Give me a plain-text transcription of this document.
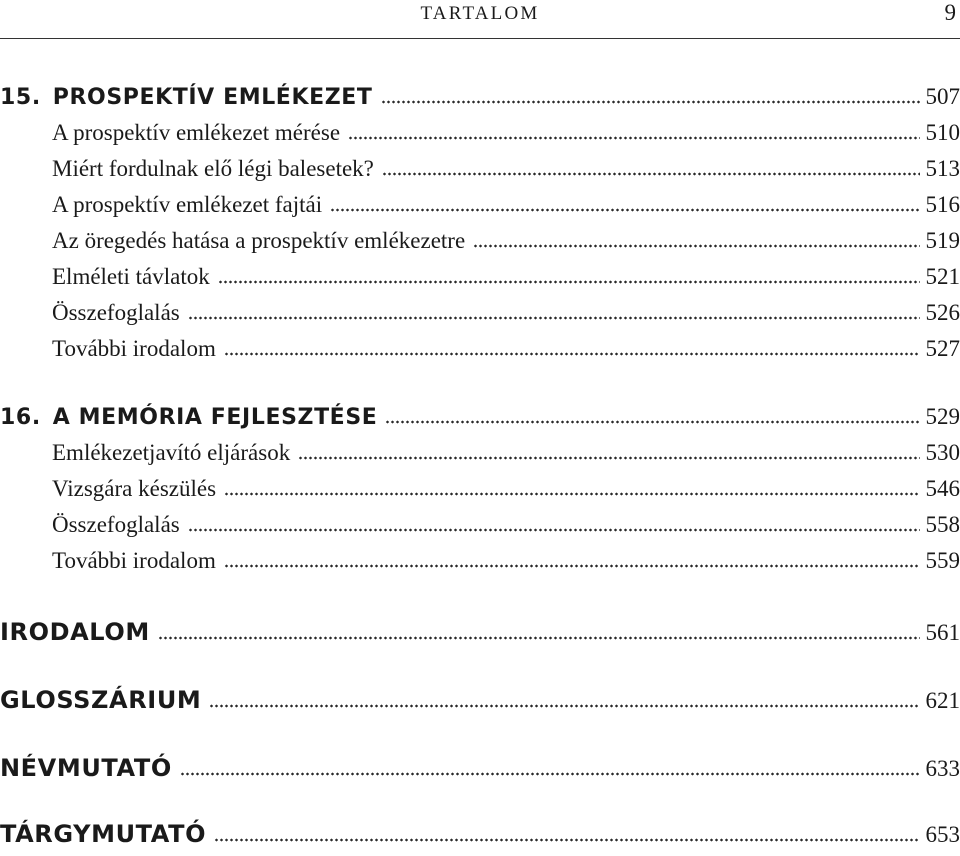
TARTALOM	9
15. PROSPEKTÍV EMLÉKEZET	507
A prospektív emlékezet mérése	510
Miért fordulnak elő légi balesetek?	513
A prospektív emlékezet fajtái	516
Az öregedés hatása a prospektív emlékezetre	519
Elméleti távlatok	521
Összefoglalás	526
További irodalom	527
16. A MEMÓRIA FEJLESZTÉSE	529
Emlékezetjavító eljárások	530
Vizsgára készülés	546
Összefoglalás	558
További irodalom	559
IRODALOM	561
GLOSSZÁRIUM	621
NÉVMUTATÓ	633
TÁRGYMUTATÓ	653
